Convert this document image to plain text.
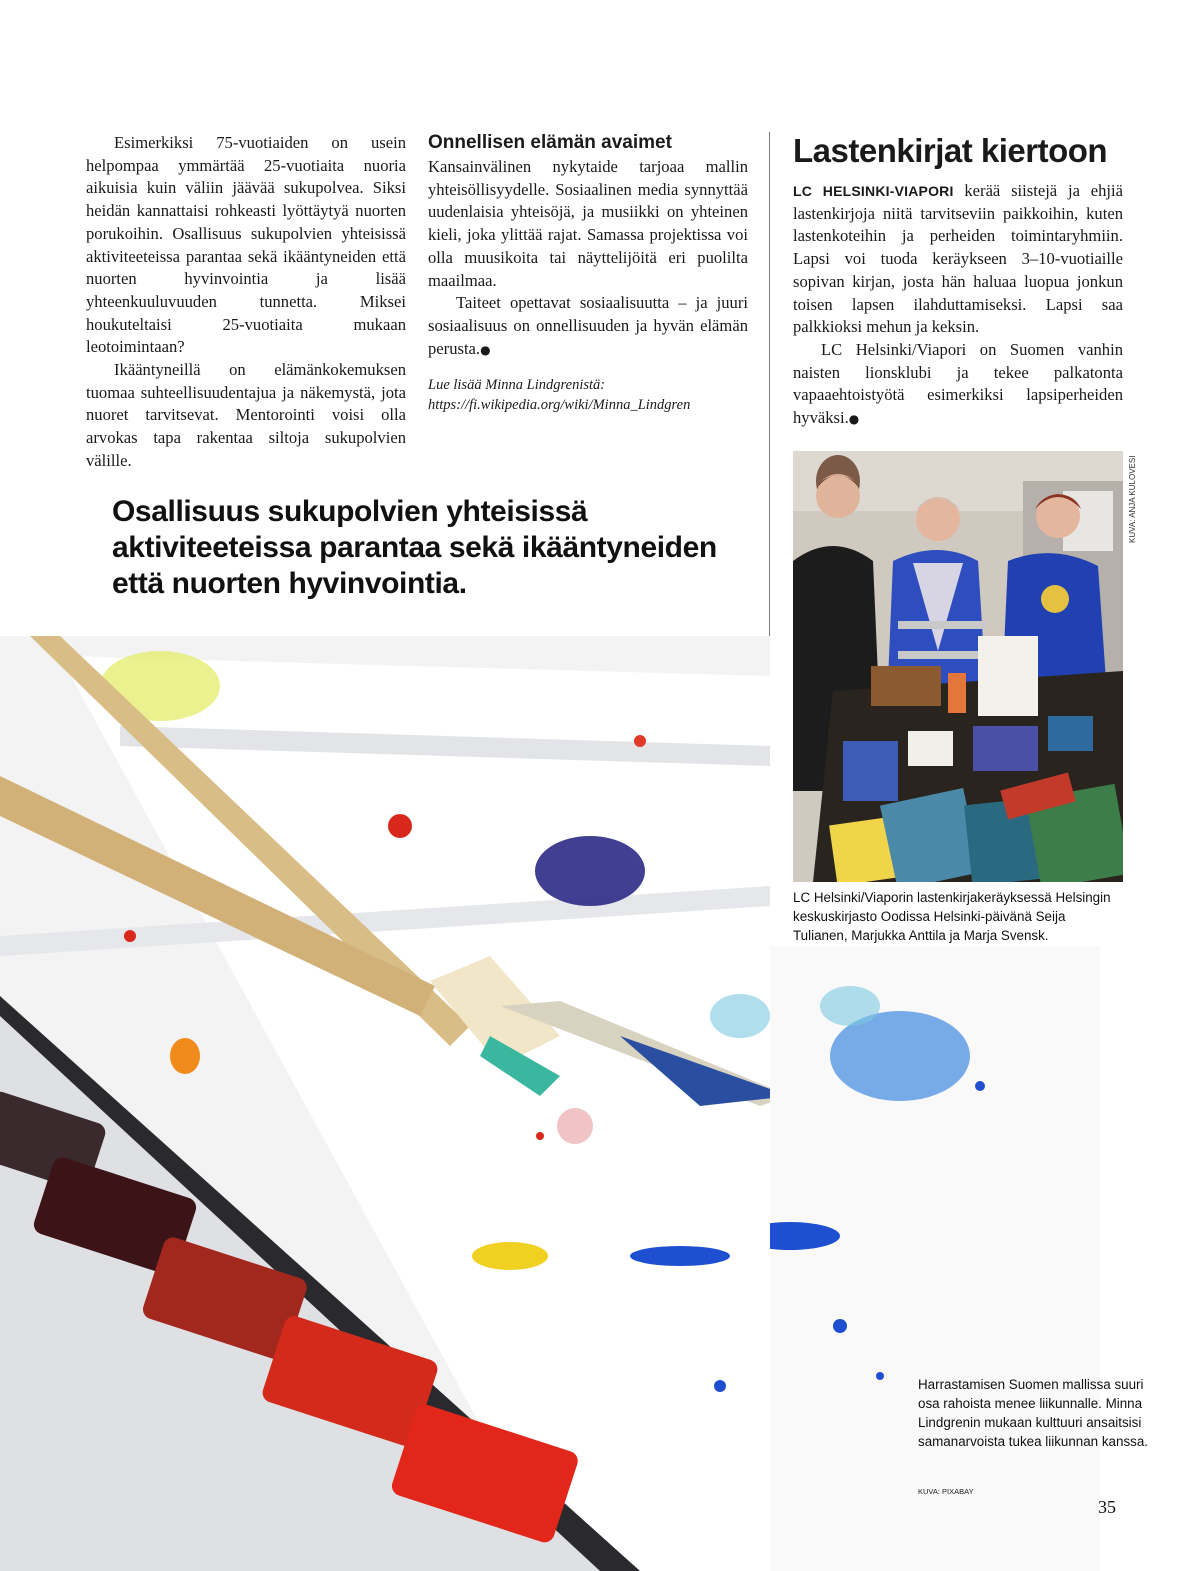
Esimerkiksi 75-vuotiaiden on usein helpompaa ymmärtää 25-vuotiaita nuoria aikuisia kuin väliin jäävää sukupolvea. Siksi heidän kannattaisi rohkeasti lyöttäytyä nuorten porukoihin. Osallisuus sukupolvien yhteisissä aktiviteeteissa parantaa sekä ikääntyneiden että nuorten hyvinvointia ja lisää yhteenkuuluvuuden tunnetta. Miksei houkuteltaisi 25-vuotiaita mukaan leotoimintaan?

Ikääntyneillä on elämänkokemuksen tuomaa suhteellisuudentajua ja näkemystä, jota nuoret tarvitsevat. Mentorointi voisi olla arvokas tapa rakentaa siltoja sukupolvien välille.

Onnellisen elämän avaimet

Kansainvälinen nykytaide tarjoaa mallin yhteisöllisyydelle. Sosiaalinen media synnyttää uudenlaisia yhteisöjä, ja musiikki on yhteinen kieli, joka ylittää rajat. Samassa projektissa voi olla muusikoita tai näyttelijöitä eri puolilta maailmaa.

Taiteet opettavat sosiaalisuutta – ja juuri sosiaalisuus on onnellisuuden ja hyvän elämän perusta.●

Lue lisää Minna Lindgrenistä:
https://fi.wikipedia.org/wiki/Minna_Lindgren

Lastenkirjat kiertoon

LC HELSINKI-VIAPORI kerää siistejä ja ehjiä lastenkirjoja niitä tarvitseviin paikkoihin, kuten lastenkoteihin ja perheiden toimintaryhmiin. Lapsi voi tuoda keräykseen 3–10-vuotiaille sopivan kirjan, josta hän haluaa luopua jonkun toisen lapsen ilahduttamiseksi. Lapsi saa palkkioksi mehun ja keksin.

LC Helsinki/Viapori on Suomen vanhin naisten lionsklubi ja tekee palkatonta vapaaehtoistyötä esimerkiksi lapsiperheiden hyväksi.●

Osallisuus sukupolvien yhteisissä aktiviteeteissa parantaa sekä ikääntyneiden että nuorten hyvinvointia.
KUVA: ANJA KULOVESI
LC Helsinki/Viaporin lastenkirjakeräyksessä Helsingin keskuskirjasto Oodissa Helsinki-päivänä Seija Tulianen, Marjukka Anttila ja Marja Svensk.
Harrastamisen Suomen mallissa suuri osa rahoista menee liikunnalle. Minna Lindgrenin mukaan kulttuuri ansaitsisi samanarvoista tukea liikunnan kanssa.
KUVA: PIXABAY
35
